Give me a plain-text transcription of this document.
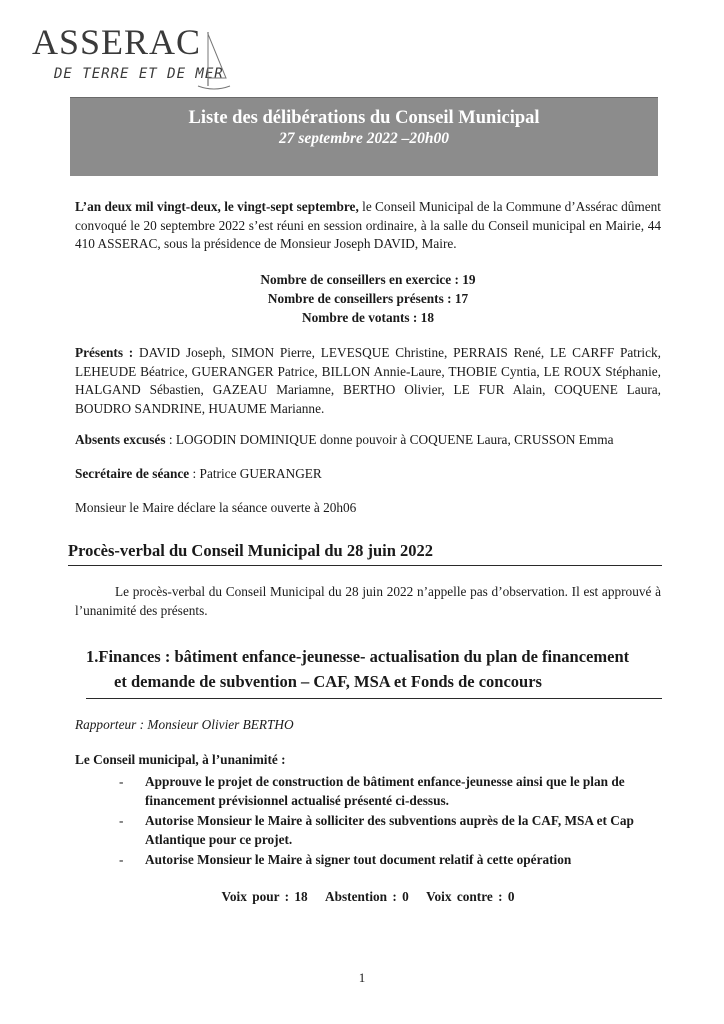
ASSERAC
DE TERRE ET DE MER
Liste des délibérations du Conseil Municipal
27 septembre 2022 –20h00
L’an deux mil vingt-deux, le vingt-sept septembre, le Conseil Municipal de la Commune d’Assérac dûment convoqué le 20 septembre 2022 s’est réuni en session ordinaire, à la salle du Conseil municipal en Mairie, 44 410 ASSERAC, sous la présidence de Monsieur Joseph DAVID, Maire.
Nombre de conseillers en exercice : 19
Nombre de conseillers présents : 17
Nombre de votants : 18
Présents : DAVID Joseph, SIMON Pierre, LEVESQUE Christine, PERRAIS René, LE CARFF Patrick, LEHEUDE Béatrice, GUERANGER Patrice, BILLON Annie-Laure, THOBIE Cyntia, LE ROUX Stéphanie, HALGAND Sébastien, GAZEAU Mariamne, BERTHO Olivier, LE FUR Alain, COQUENE Laura, BOUDRO SANDRINE, HUAUME Marianne.
Absents excusés : LOGODIN DOMINIQUE donne pouvoir à COQUENE Laura, CRUSSON Emma
Secrétaire de séance : Patrice GUERANGER
Monsieur le Maire déclare la séance ouverte à 20h06
Procès-verbal du Conseil Municipal du 28 juin 2022
Le procès-verbal du Conseil Municipal du 28 juin 2022 n’appelle pas d’observation. Il est approuvé à l’unanimité des présents.
1.Finances : bâtiment enfance-jeunesse- actualisation du plan de financement
et demande de subvention – CAF, MSA et Fonds de concours
Rapporteur : Monsieur Olivier BERTHO
Le Conseil municipal, à l’unanimité :
- Approuve le projet de construction de bâtiment enfance-jeunesse ainsi que le plan de financement prévisionnel actualisé présenté ci-dessus.
- Autorise Monsieur le Maire à solliciter des subventions auprès de la CAF, MSA et Cap Atlantique pour ce projet.
- Autorise Monsieur le Maire à signer tout document relatif à cette opération
Voix pour : 18 Abstention : 0 Voix contre : 0
1
